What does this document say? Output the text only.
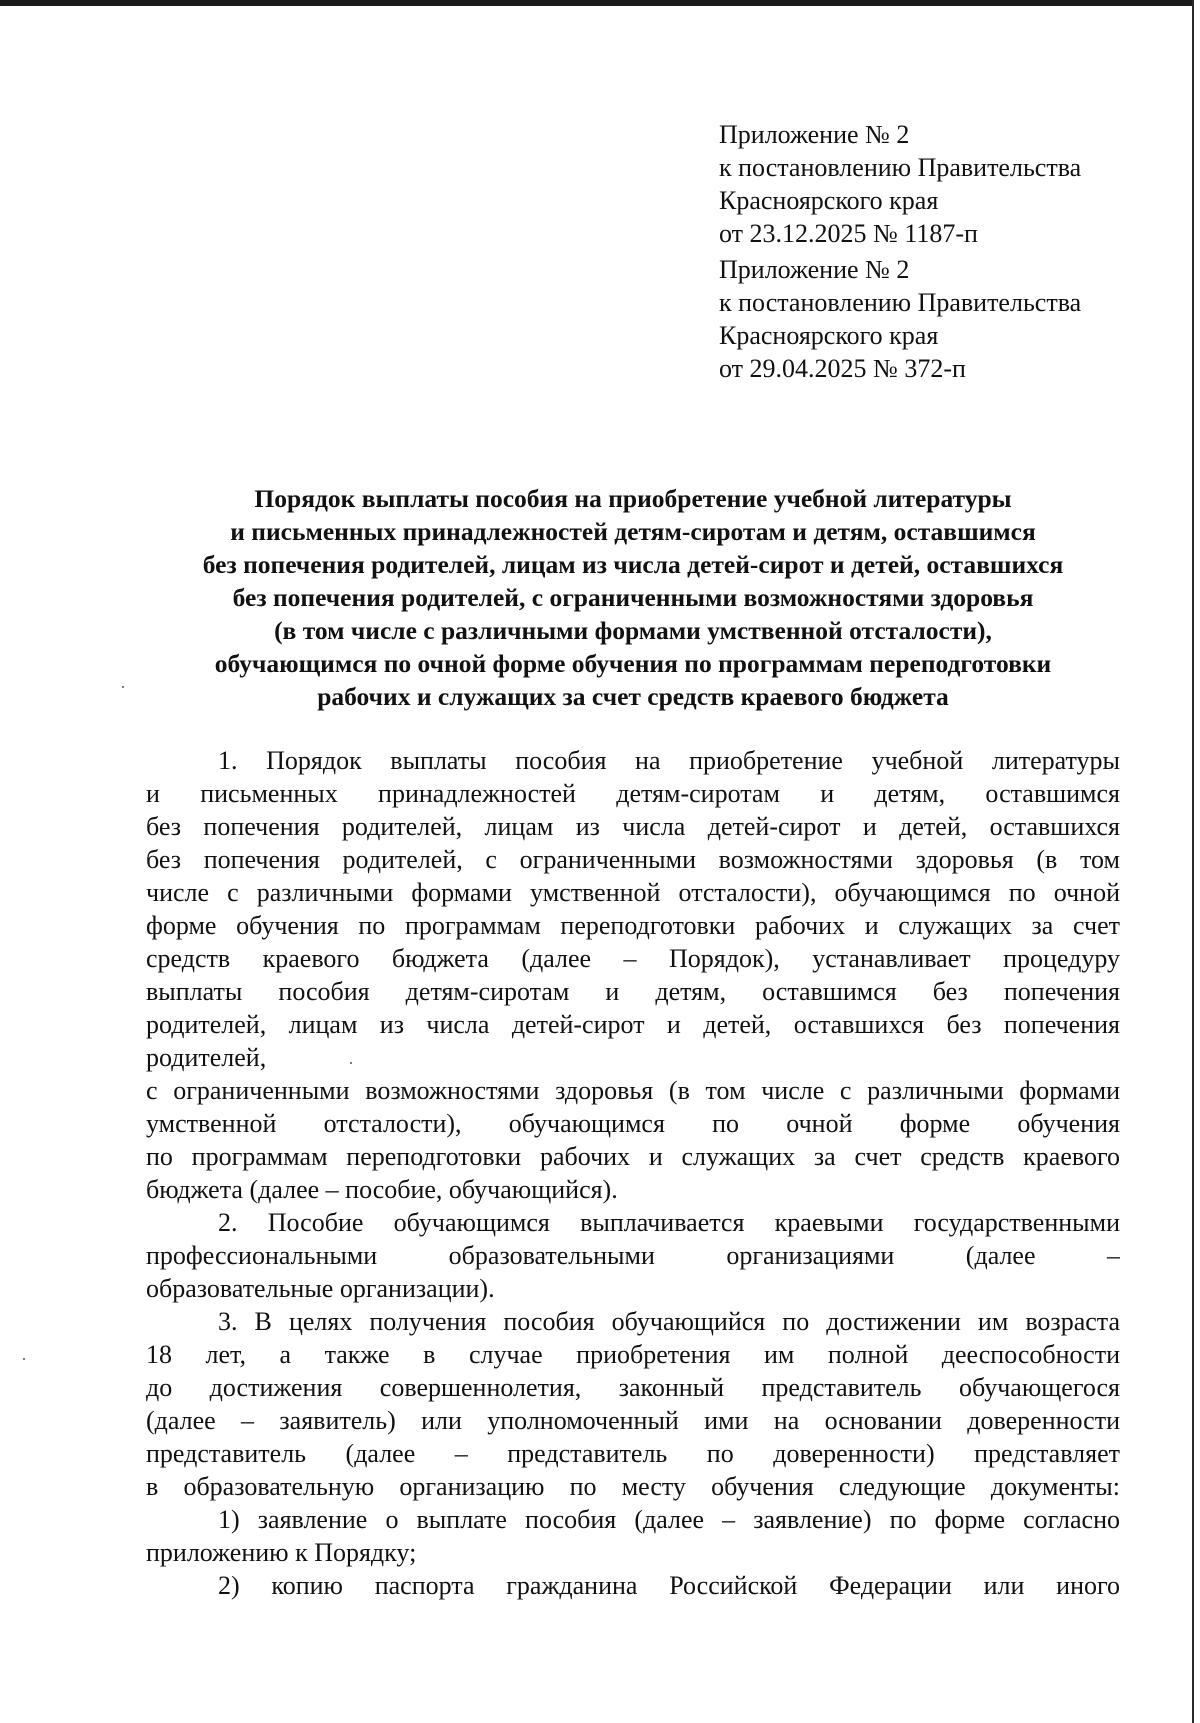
Приложение № 2
к постановлению Правительства
Красноярского края
от 23.12.2025 № 1187-п
Приложение № 2
к постановлению Правительства
Красноярского края
от 29.04.2025 № 372-п
Порядок выплаты пособия на приобретение учебной литературы
и письменных принадлежностей детям-сиротам и детям, оставшимся
без попечения родителей, лицам из числа детей-сирот и детей, оставшихся
без попечения родителей, с ограниченными возможностями здоровья
(в том числе с различными формами умственной отсталости),
обучающимся по очной форме обучения по программам переподготовки
рабочих и служащих за счет средств краевого бюджета
1. Порядок выплаты пособия на приобретение учебной литературы
и письменных принадлежностей детям-сиротам и детям, оставшимся
без попечения родителей, лицам из числа детей-сирот и детей, оставшихся
без попечения родителей, с ограниченными возможностями здоровья (в том
числе с различными формами умственной отсталости), обучающимся по очной
форме обучения по программам переподготовки рабочих и служащих за счет
средств краевого бюджета (далее – Порядок), устанавливает процедуру
выплаты пособия детям-сиротам и детям, оставшимся без попечения
родителей, лицам из числа детей-сирот и детей, оставшихся без попечения
родителей,
с ограниченными возможностями здоровья (в том числе с различными формами
умственной отсталости), обучающимся по очной форме обучения
по программам переподготовки рабочих и служащих за счет средств краевого
бюджета (далее – пособие, обучающийся).
2. Пособие обучающимся выплачивается краевыми государственными
профессиональными образовательными организациями (далее –
образовательные организации).
3. В целях получения пособия обучающийся по достижении им возраста
18 лет, а также в случае приобретения им полной дееспособности
до достижения совершеннолетия, законный представитель обучающегося
(далее – заявитель) или уполномоченный ими на основании доверенности
представитель (далее – представитель по доверенности) представляет
в образовательную организацию по месту обучения следующие документы:
1) заявление о выплате пособия (далее – заявление) по форме согласно
приложению к Порядку;
2) копию паспорта гражданина Российской Федерации или иного
